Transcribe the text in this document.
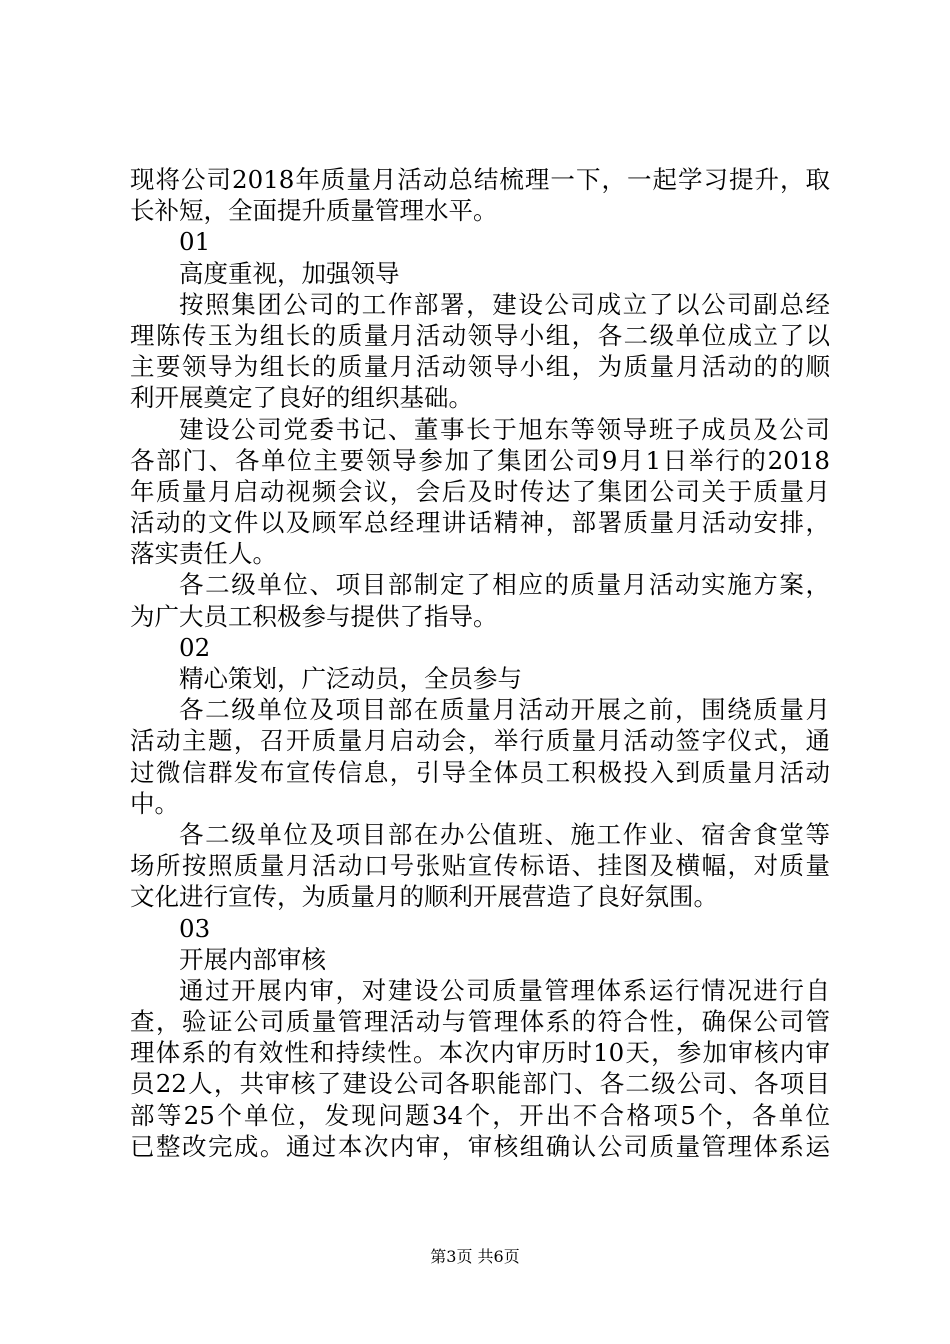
现将公司2018年质量月活动总结梳理一下，一起学习提升，取
长补短，全面提升质量管理水平。
01
高度重视，加强领导
按照集团公司的工作部署，建设公司成立了以公司副总经
理陈传玉为组长的质量月活动领导小组，各二级单位成立了以
主要领导为组长的质量月活动领导小组，为质量月活动的的顺
利开展奠定了良好的组织基础。
建设公司党委书记、董事长于旭东等领导班子成员及公司
各部门、各单位主要领导参加了集团公司9月1日举行的2018
年质量月启动视频会议，会后及时传达了集团公司关于质量月
活动的文件以及顾军总经理讲话精神，部署质量月活动安排，
落实责任人。
各二级单位、项目部制定了相应的质量月活动实施方案，
为广大员工积极参与提供了指导。
02
精心策划，广泛动员，全员参与
各二级单位及项目部在质量月活动开展之前，围绕质量月
活动主题，召开质量月启动会，举行质量月活动签字仪式，通
过微信群发布宣传信息，引导全体员工积极投入到质量月活动
中。
各二级单位及项目部在办公值班、施工作业、宿舍食堂等
场所按照质量月活动口号张贴宣传标语、挂图及横幅，对质量
文化进行宣传，为质量月的顺利开展营造了良好氛围。
03
开展内部审核
通过开展内审，对建设公司质量管理体系运行情况进行自
查，验证公司质量管理活动与管理体系的符合性，确保公司管
理体系的有效性和持续性。本次内审历时10天，参加审核内审
员22人，共审核了建设公司各职能部门、各二级公司、各项目
部等25个单位，发现问题34个，开出不合格项5个，各单位
已整改完成。通过本次内审，审核组确认公司质量管理体系运
第3页 共6页
